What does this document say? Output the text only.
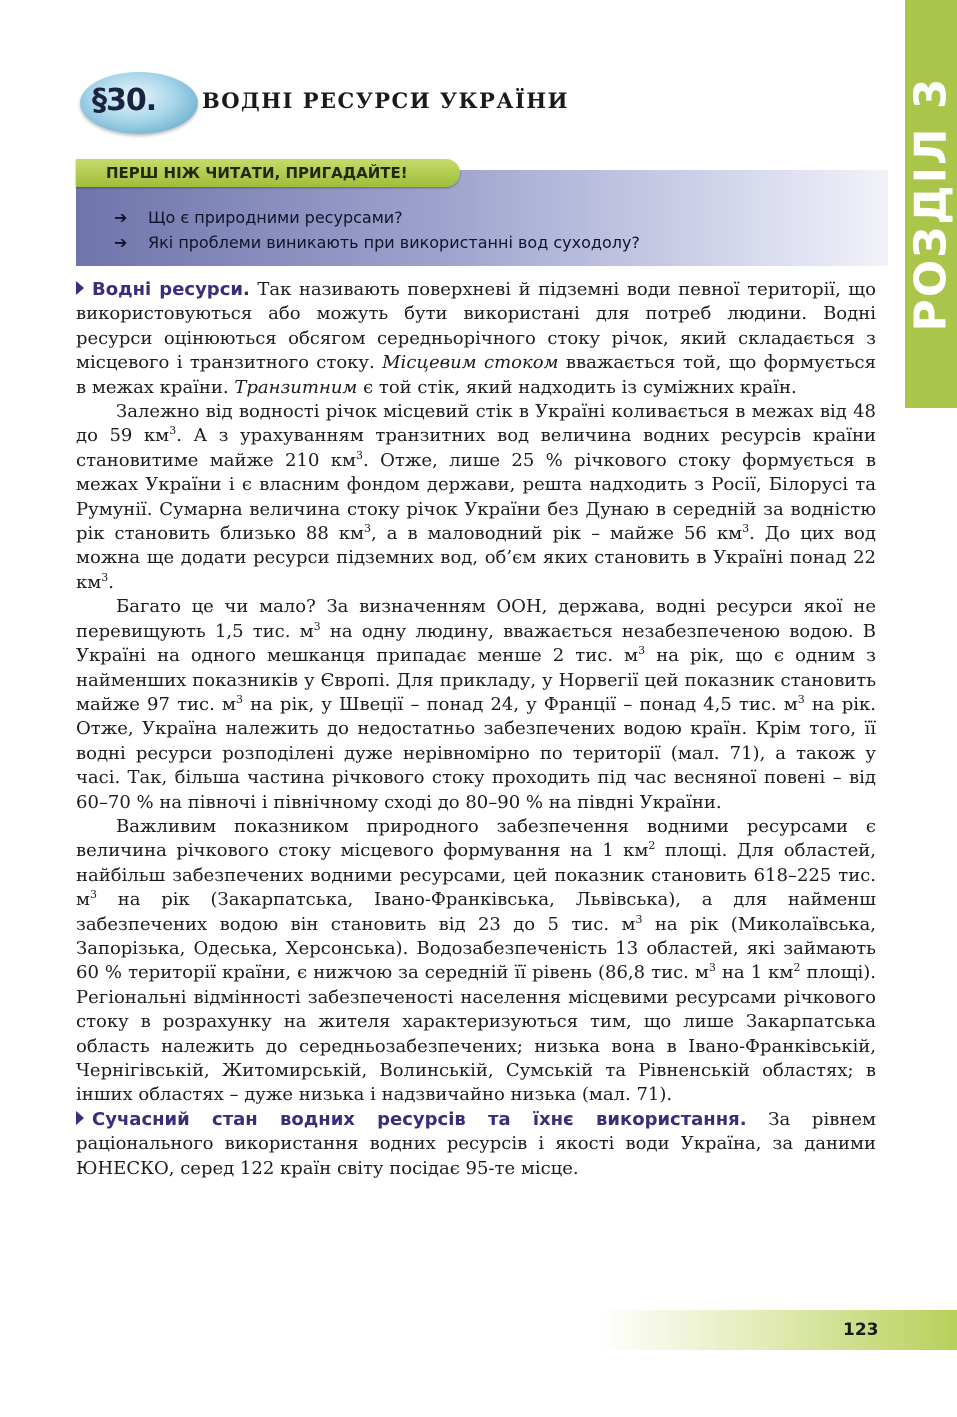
РОЗДІЛ 3
§30. ВОДНІ РЕСУРСИ УКРАЇНИ
ПЕРШ НІЖ ЧИТАТИ, ПРИГАДАЙТЕ!
➔ Що є природними ресурсами?
➔ Які проблеми виникають при використанні вод суходолу?

Водні ресурси. Так називають поверхневі й підземні води певної території, що використовуються або можуть бути використані для потреб людини. Водні ресурси оцінюються обсягом середньорічного стоку річок, який складається з місцевого і транзитного стоку. Місцевим стоком вважається той, що формується в межах країни. Транзитним є той стік, який надходить із суміжних країн.

Залежно від водності річок місцевий стік в Україні коливається в межах від 48 до 59 $км^3$. А з урахуванням транзитних вод величина водних ресурсів країни становитиме майже 210 $км^3$. Отже, лише 25 % річкового стоку формується в межах України і є власним фондом держави, решта надходить з Росії, Білорусі та Румунії. Сумарна величина стоку річок України без Дунаю в середній за водністю рік становить близько 88 $км^3$, а в маловодний рік – майже 56 $км^3$. До цих вод можна ще додати ресурси підземних вод, об’єм яких становить в Україні понад 22 $км^3$.

Багато це чи мало? За визначенням ООН, держава, водні ресурси якої не перевищують 1,5 тис. $м^3$ на одну людину, вважається незабезпеченою водою. В Україні на одного мешканця припадає менше 2 тис. $м^3$ на рік, що є одним з найменших показників у Європі. Для прикладу, у Норвегії цей показник становить майже 97 тис. $м^3$ на рік, у Швеції – понад 24, у Франції – понад 4,5 тис. $м^3$ на рік. Отже, Україна належить до недостатньо забезпечених водою країн. Крім того, її водні ресурси розподілені дуже нерівномірно по території (мал. 71), а також у часі. Так, більша частина річкового стоку проходить під час весняної повені – від 60–70 % на півночі і північному сході до 80–90 % на півдні України.

Важливим показником природного забезпечення водними ресурсами є величина річкового стоку місцевого формування на 1 $км^2$ площі. Для областей, найбільш забезпечених водними ресурсами, цей показник становить 618–225 тис. $м^3$ на рік (Закарпатська, Івано-Франківська, Львівська), а для найменш забезпечених водою він становить від 23 до 5 тис. $м^3$ на рік (Миколаївська, Запорізька, Одеська, Херсонська). Водозабезпеченість 13 областей, які займають 60 % території країни, є нижчою за середній її рівень (86,8 тис. $м^3$ на 1 $км^2$ площі). Регіональні відмінності забезпеченості населення місцевими ресурсами річкового стоку в розрахунку на жителя характеризуються тим, що лише Закарпатська область належить до середньозабезпечених; низька вона в Івано-Франківській, Чернігівській, Житомирській, Волинській, Сумській та Рівненській областях; в інших областях – дуже низька і надзвичайно низька (мал. 71).

Сучасний стан водних ресурсів та їхнє використання. За рівнем раціонального використання водних ресурсів і якості води Україна, за даними ЮНЕСКО, серед 122 країн світу посідає 95-те місце.

123
